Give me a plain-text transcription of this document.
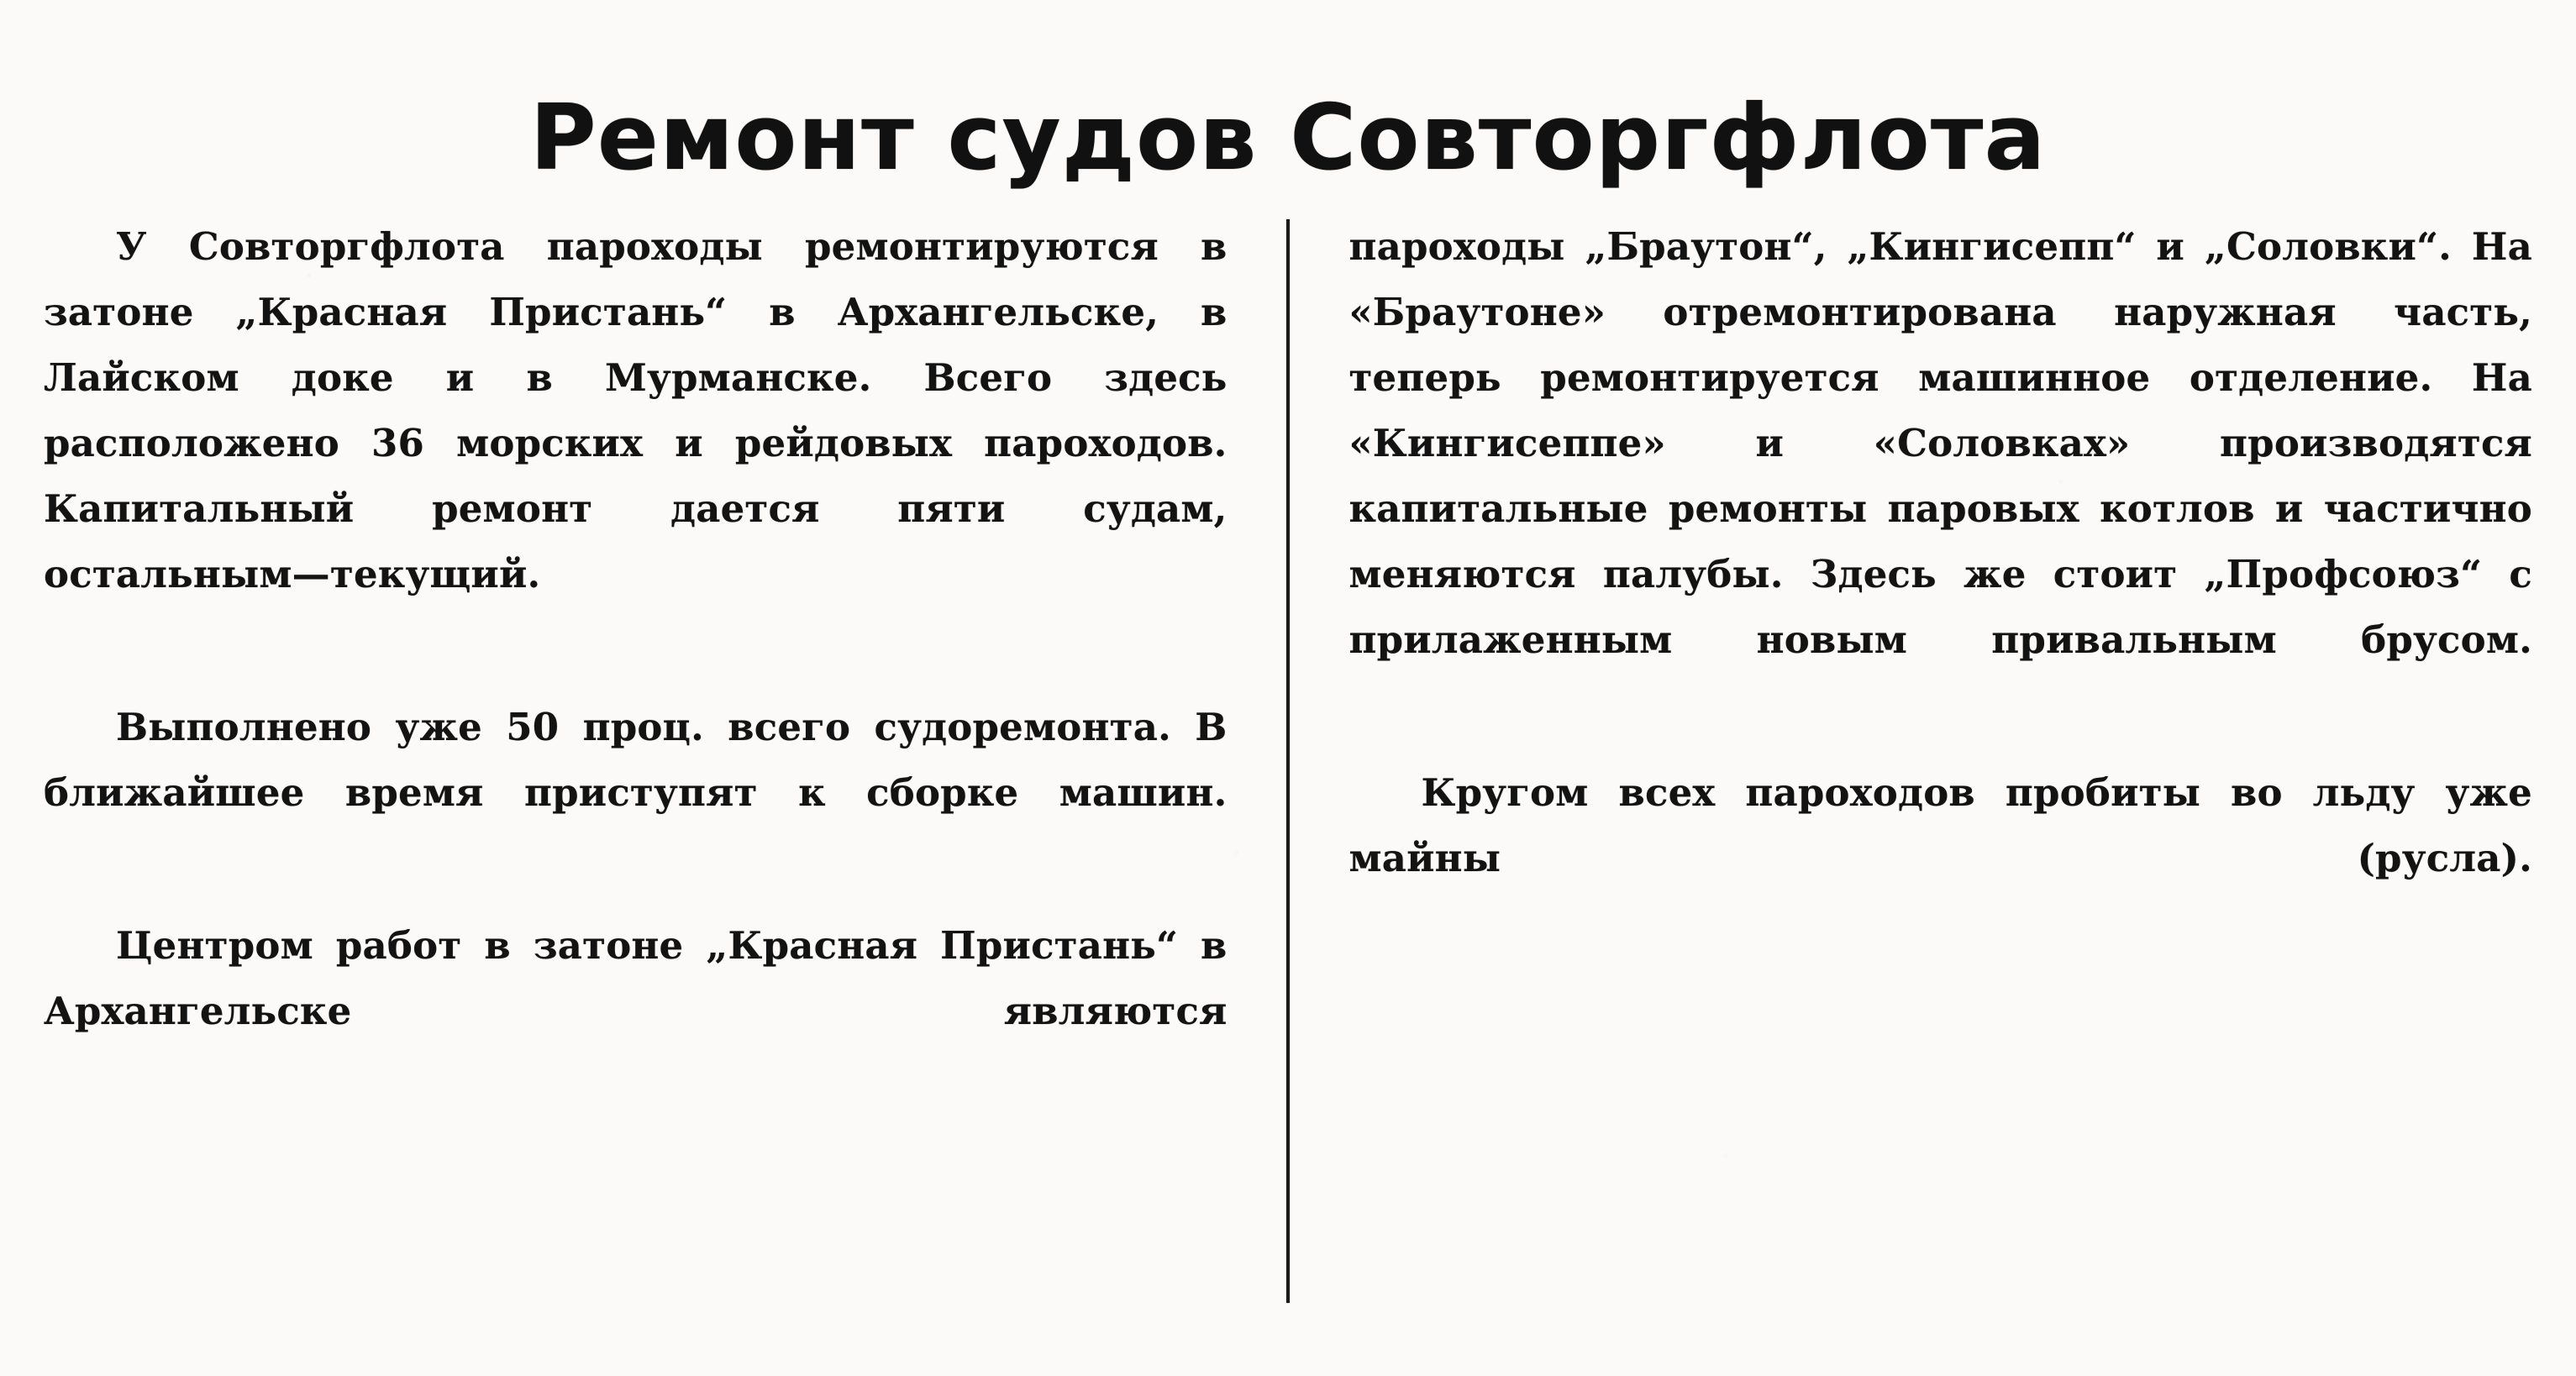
Ремонт судов Совторгфлота

У Совторгфлота пароходы ремонтируются в затоне „Красная Пристань“ в Архангельске, в Лайском доке и в Мурманске. Всего здесь расположено 36 морских и рейдовых пароходов. Капитальный ремонт дается пяти судам, остальным—текущий.

Выполнено уже 50 проц. всего судоремонта. В ближайшее время приступят к сборке машин.

Центром работ в затоне „Красная Пристань“ в Архангельске являются

пароходы „Браутон“, „Кингисепп“ и „Соловки“. На «Браутоне» отремонтирована наружная часть, теперь ремонтируется машинное отделение. На «Кингисеппе» и «Соловках» производятся капитальные ремонты паровых котлов и частично меняются палубы. Здесь же стоит „Профсоюз“ с прилаженным новым привальным брусом.

Кругом всех пароходов пробиты во льду уже майны (русла).
